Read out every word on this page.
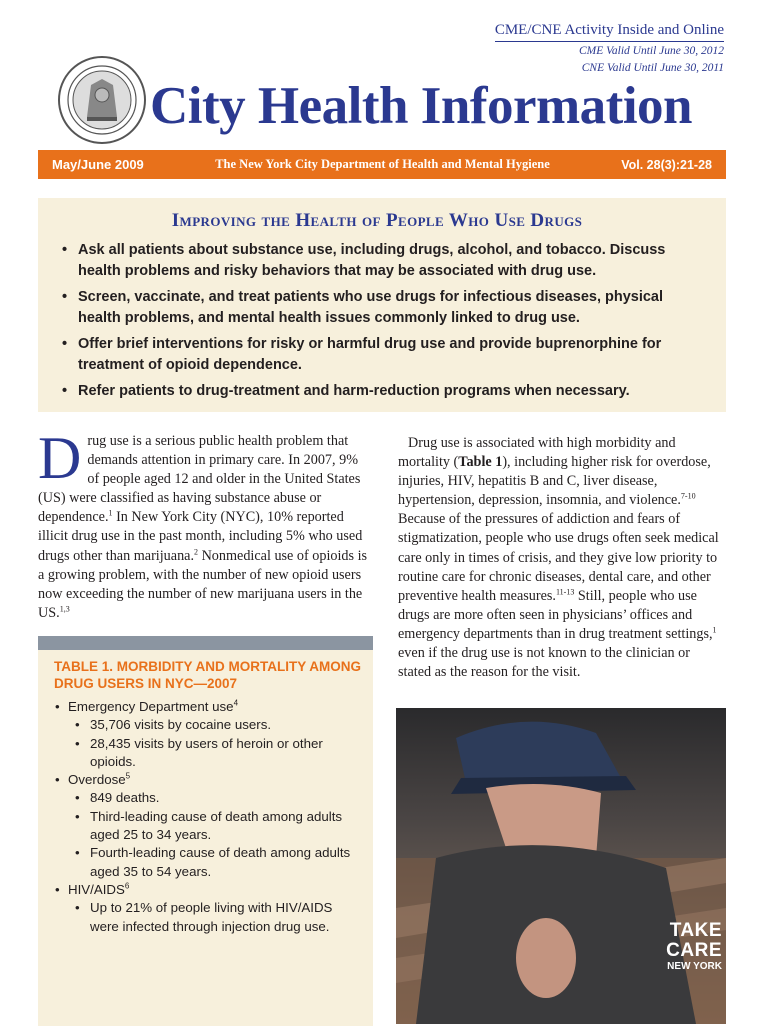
CME/CNE Activity Inside and Online
CME Valid Until June 30, 2012
CNE Valid Until June 30, 2011
City Health Information
May/June 2009	The New York City Department of Health and Mental Hygiene	Vol. 28(3):21-28
Improving the Health of People Who Use Drugs
• Ask all patients about substance use, including drugs, alcohol, and tobacco. Discuss health problems and risky behaviors that may be associated with drug use.
• Screen, vaccinate, and treat patients who use drugs for infectious diseases, physical health problems, and mental health issues commonly linked to drug use.
• Offer brief interventions for risky or harmful drug use and provide buprenorphine for treatment of opioid dependence.
• Refer patients to drug-treatment and harm-reduction programs when necessary.
Drug use is a serious public health problem that demands attention in primary care. In 2007, 9% of people aged 12 and older in the United States (US) were classified as having substance abuse or dependence.$^1$ In New York City (NYC), 10% reported illicit drug use in the past month, including 5% who used drugs other than marijuana.$^2$ Nonmedical use of opioids is a growing problem, with the number of new opioid users now exceeding the number of new marijuana users in the US.$^{1,3}$
Drug use is associated with high morbidity and mortality (Table 1), including higher risk for overdose, injuries, HIV, hepatitis B and C, liver disease, hypertension, depression, insomnia, and violence.$^{7-10}$ Because of the pressures of addiction and fears of stigmatization, people who use drugs often seek medical care only in times of crisis, and they give low priority to routine care for chronic diseases, dental care, and other preventive health measures.$^{11-13}$ Still, people who use drugs are more often seen in physicians’ offices and emergency departments than in drug treatment settings,$^1$ even if the drug use is not known to the clinician or stated as the reason for the visit.
TABLE 1. MORBIDITY AND MORTALITY AMONG DRUG USERS IN NYC—2007
• Emergency Department use$^4$
• 35,706 visits by cocaine users.
• 28,435 visits by users of heroin or other opioids.
• Overdose$^5$
• 849 deaths.
• Third-leading cause of death among adults aged 25 to 34 years.
• Fourth-leading cause of death among adults aged 35 to 54 years.
• HIV/AIDS$^6$
• Up to 21% of people living with HIV/AIDS were infected through injection drug use.	TAKE
CARE
NEW YORK
